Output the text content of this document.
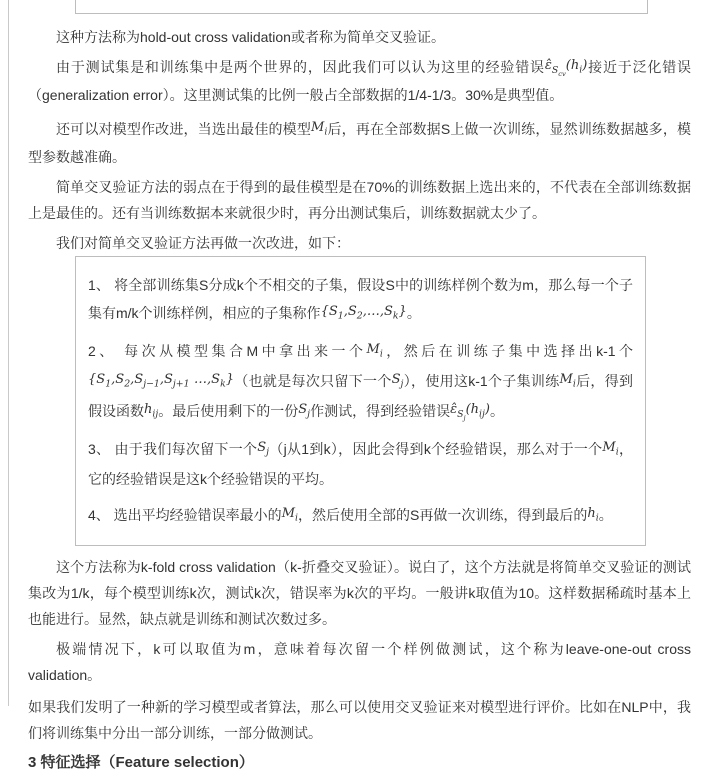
这种方法称为hold-out cross validation或者称为简单交叉验证。

由于测试集是和训练集中是两个世界的，因此我们可以认为这里的经验错误$\varepsilon̂_{S_{cv}}(h_i)$接近于泛化错误（generalization error）。这里测试集的比例一般占全部数据的1/4-1/3。30%是典型值。

还可以对模型作改进，当选出最佳的模型$M_i$后，再在全部数据S上做一次训练，显然训练数据越多，模型参数越准确。

简单交叉验证方法的弱点在于得到的最佳模型是在70%的训练数据上选出来的，不代表在全部训练数据上是最佳的。还有当训练数据本来就很少时，再分出测试集后，训练数据就太少了。

我们对简单交叉验证方法再做一次改进，如下：

1、 将全部训练集S分成k个不相交的子集，假设S中的训练样例个数为m，那么每一个子集有m/k个训练样例，相应的子集称作$\{S_1,S_2,\dots,S_k\}$。
2、 每次从模型集合M中拿出来一个$M_i$，然后在训练子集中选择出k-1个{$S_1,S_2,S_{j-1},S_{j+1}$ $\dots,S_k$}（也就是每次只留下一个$S_j$），使用这k-1个子集训练$M_i$后，得到假设函数$h_{ij}$。最后使用剩下的一份$S_j$作测试，得到经验错误$\varepsilon̂_{S_j}(h_{ij})$。
3、 由于我们每次留下一个$S_j(j$从1到k），因此会得到k个经验错误，那么对于一个$M_i$，它的经验错误是这k个经验错误的平均。
4、 选出平均经验错误率最小的$M_i$，然后使用全部的S再做一次训练，得到最后的$h_i$。

这个方法称为k-fold cross validation（k-折叠交叉验证）。说白了，这个方法就是将简单交叉验证的测试集改为1/k，每个模型训练k次，测试k次，错误率为k次的平均。一般讲k取值为10。这样数据稀疏时基本上也能进行。显然，缺点就是训练和测试次数过多。

极端情况下，k可以取值为m，意味着每次留一个样例做测试，这个称为leave-one-out cross validation。

如果我们发明了一种新的学习模型或者算法，那么可以使用交叉验证来对模型进行评价。比如在NLP中，我们将训练集中分出一部分训练，一部分做测试。

3 特征选择（Feature selection）
